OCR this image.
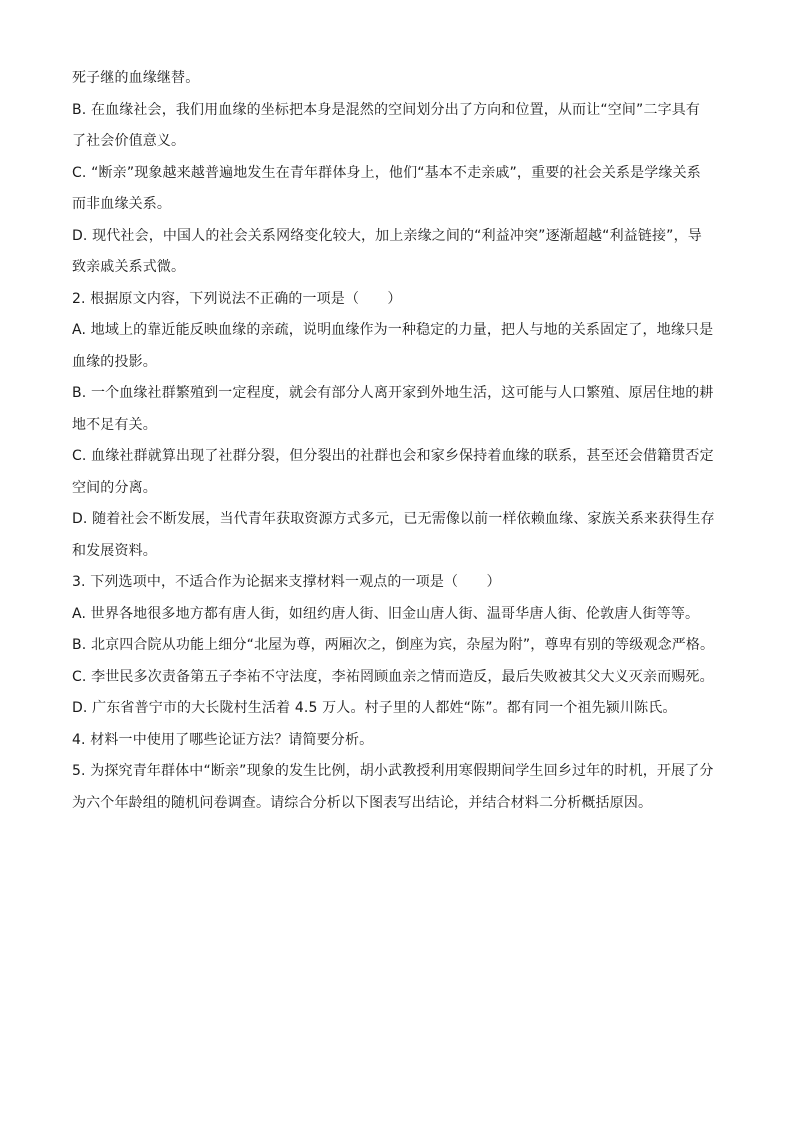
死子继的血缘继替。
B. 在血缘社会，我们用血缘的坐标把本身是混然的空间划分出了方向和位置，从而让“空间”二字具有
了社会价值意义。
C. “断亲”现象越来越普遍地发生在青年群体身上，他们“基本不走亲戚”，重要的社会关系是学缘关系
而非血缘关系。
D. 现代社会，中国人的社会关系网络变化较大，加上亲缘之间的“利益冲突”逐渐超越“利益链接”，导
致亲戚关系式微。
2. 根据原文内容，下列说法不正确的一项是（　　）
A. 地域上的靠近能反映血缘的亲疏，说明血缘作为一种稳定的力量，把人与地的关系固定了，地缘只是
血缘的投影。
B. 一个血缘社群繁殖到一定程度，就会有部分人离开家到外地生活，这可能与人口繁殖、原居住地的耕
地不足有关。
C. 血缘社群就算出现了社群分裂，但分裂出的社群也会和家乡保持着血缘的联系，甚至还会借籍贯否定
空间的分离。
D. 随着社会不断发展，当代青年获取资源方式多元，已无需像以前一样依赖血缘、家族关系来获得生存
和发展资料。
3. 下列选项中，不适合作为论据来支撑材料一观点的一项是（　　）
A. 世界各地很多地方都有唐人街，如纽约唐人街、旧金山唐人街、温哥华唐人街、伦敦唐人街等等。
B. 北京四合院从功能上细分“北屋为尊，两厢次之，倒座为宾，杂屋为附”，尊卑有别的等级观念严格。
C. 李世民多次责备第五子李祐不守法度，李祐罔顾血亲之情而造反，最后失败被其父大义灭亲而赐死。
D. 广东省普宁市的大长陇村生活着 4.5 万人。村子里的人都姓“陈”。都有同一个祖先颍川陈氏。
4. 材料一中使用了哪些论证方法？请简要分析。
5. 为探究青年群体中“断亲”现象的发生比例，胡小武教授利用寒假期间学生回乡过年的时机，开展了分
为六个年龄组的随机问卷调查。请综合分析以下图表写出结论，并结合材料二分析概括原因。
